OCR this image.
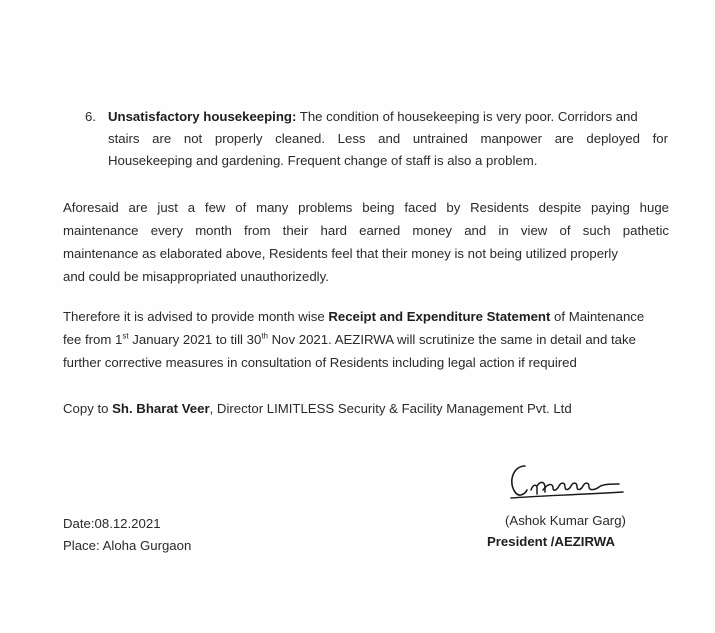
6. Unsatisfactory housekeeping: The condition of housekeeping is very poor. Corridors and
stairs are not properly cleaned. Less and untrained manpower are deployed for
Housekeeping and gardening. Frequent change of staff is also a problem.
Aforesaid are just a few of many problems being faced by Residents despite paying huge
maintenance every month from their hard earned money and in view of such pathetic
maintenance as elaborated above, Residents feel that their money is not being utilized properly
and could be misappropriated unauthorizedly.
Therefore it is advised to provide month wise Receipt and Expenditure Statement of Maintenance
fee from 1st January 2021 to till 30th Nov 2021. AEZIRWA will scrutinize the same in detail and take
further corrective measures in consultation of Residents including legal action if required
Copy to Sh. Bharat Veer, Director LIMITLESS Security & Facility Management Pvt. Ltd
Date:08.12.2021
Place: Aloha Gurgaon
(Ashok Kumar Garg)
President /AEZIRWA
